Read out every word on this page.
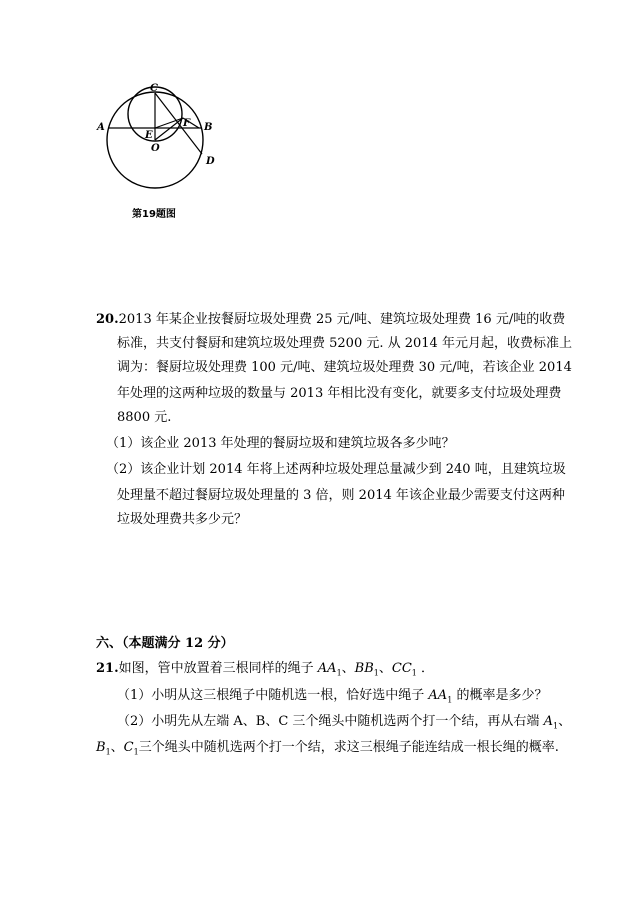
C
A	B
E
F
O
D
第19题图
20.2013 年某企业按餐厨垃圾处理费 25 元/吨、建筑垃圾处理费 16 元/吨的收费
标准，共支付餐厨和建筑垃圾处理费 5200 元. 从 2014 年元月起，收费标准上
调为：餐厨垃圾处理费 100 元/吨、建筑垃圾处理费 30 元/吨，若该企业 2014
年处理的这两种垃圾的数量与 2013 年相比没有变化，就要多支付垃圾处理费
8800 元.
（1）该企业 2013 年处理的餐厨垃圾和建筑垃圾各多少吨？
（2）该企业计划 2014 年将上述两种垃圾处理总量减少到 240 吨，且建筑垃圾
处理量不超过餐厨垃圾处理量的 3 倍，则 2014 年该企业最少需要支付这两种
垃圾处理费共多少元？
六、（本题满分 12 分）
21.如图，管中放置着三根同样的绳子 $AA_1$、$BB_1$、$CC_1$ ．
（1）小明从这三根绳子中随机选一根，恰好选中绳子 $AA_1$ 的概率是多少？
（2）小明先从左端 A、B、C 三个绳头中随机选两个打一个结，再从右端 $A_1$、
$B_1$、$C_1$三个绳头中随机选两个打一个结，求这三根绳子能连结成一根长绳的概率.
